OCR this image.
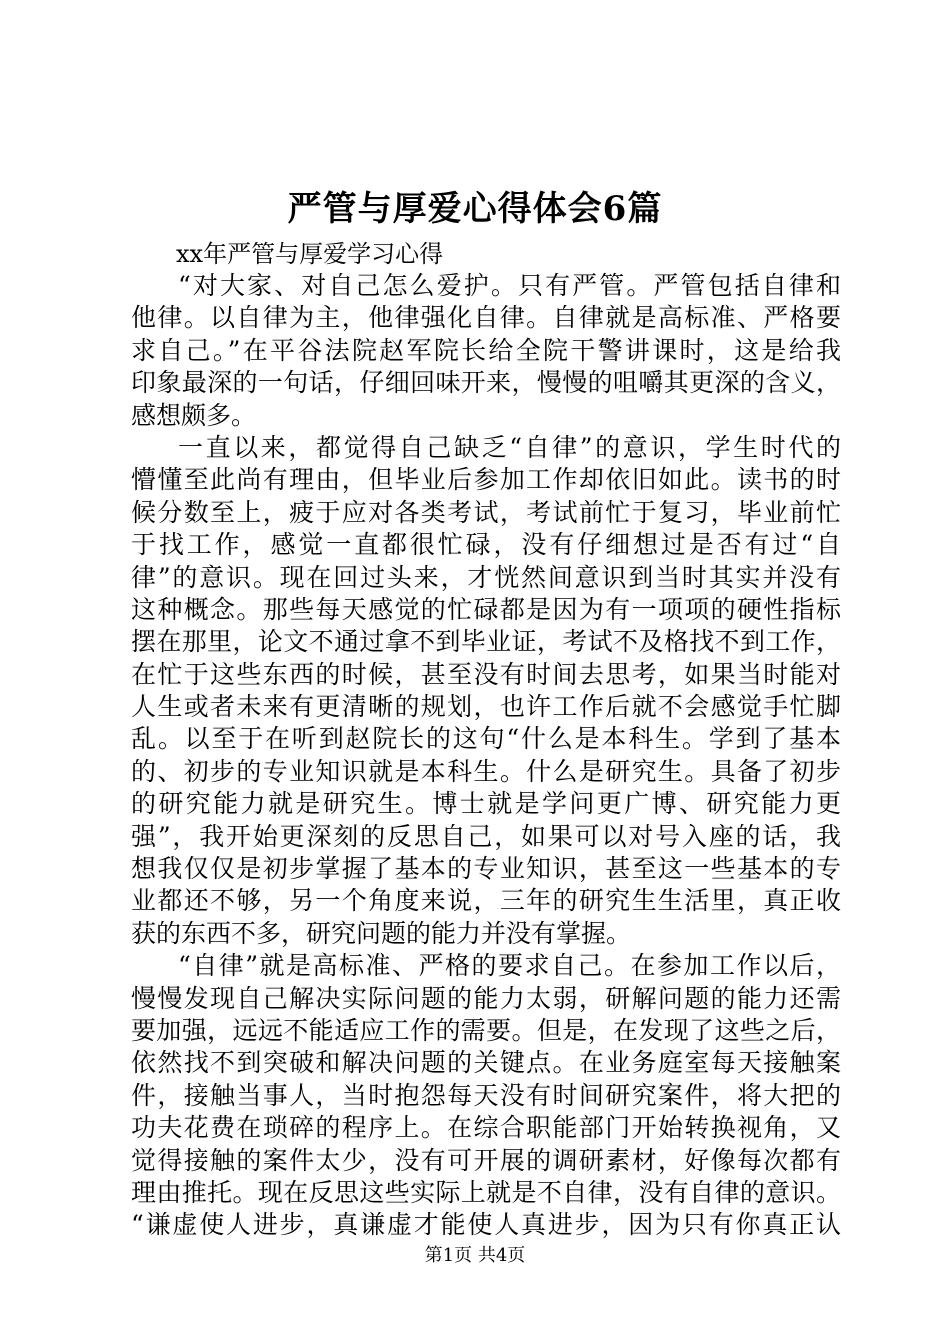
严管与厚爱心得体会6篇
xx年严管与厚爱学习心得
“对大家、对自己怎么爱护。只有严管。严管包括自律和
他律。以自律为主，他律强化自律。自律就是高标准、严格要
求自己。”在平谷法院赵军院长给全院干警讲课时，这是给我
印象最深的一句话，仔细回味开来，慢慢的咀嚼其更深的含义，
感想颇多。
一直以来，都觉得自己缺乏“自律”的意识，学生时代的
懵懂至此尚有理由，但毕业后参加工作却依旧如此。读书的时
候分数至上，疲于应对各类考试，考试前忙于复习，毕业前忙
于找工作，感觉一直都很忙碌，没有仔细想过是否有过“自
律”的意识。现在回过头来，才恍然间意识到当时其实并没有
这种概念。那些每天感觉的忙碌都是因为有一项项的硬性指标
摆在那里，论文不通过拿不到毕业证，考试不及格找不到工作，
在忙于这些东西的时候，甚至没有时间去思考，如果当时能对
人生或者未来有更清晰的规划，也许工作后就不会感觉手忙脚
乱。以至于在听到赵院长的这句“什么是本科生。学到了基本
的、初步的专业知识就是本科生。什么是研究生。具备了初步
的研究能力就是研究生。博士就是学问更广博、研究能力更
强”，我开始更深刻的反思自己，如果可以对号入座的话，我
想我仅仅是初步掌握了基本的专业知识，甚至这一些基本的专
业都还不够，另一个角度来说，三年的研究生生活里，真正收
获的东西不多，研究问题的能力并没有掌握。
“自律”就是高标准、严格的要求自己。在参加工作以后，
慢慢发现自己解决实际问题的能力太弱，研解问题的能力还需
要加强，远远不能适应工作的需要。但是，在发现了这些之后，
依然找不到突破和解决问题的关键点。在业务庭室每天接触案
件，接触当事人，当时抱怨每天没有时间研究案件，将大把的
功夫花费在琐碎的程序上。在综合职能部门开始转换视角，又
觉得接触的案件太少，没有可开展的调研素材，好像每次都有
理由推托。现在反思这些实际上就是不自律，没有自律的意识。
“谦虚使人进步，真谦虚才能使人真进步，因为只有你真正认
第1页 共4页
